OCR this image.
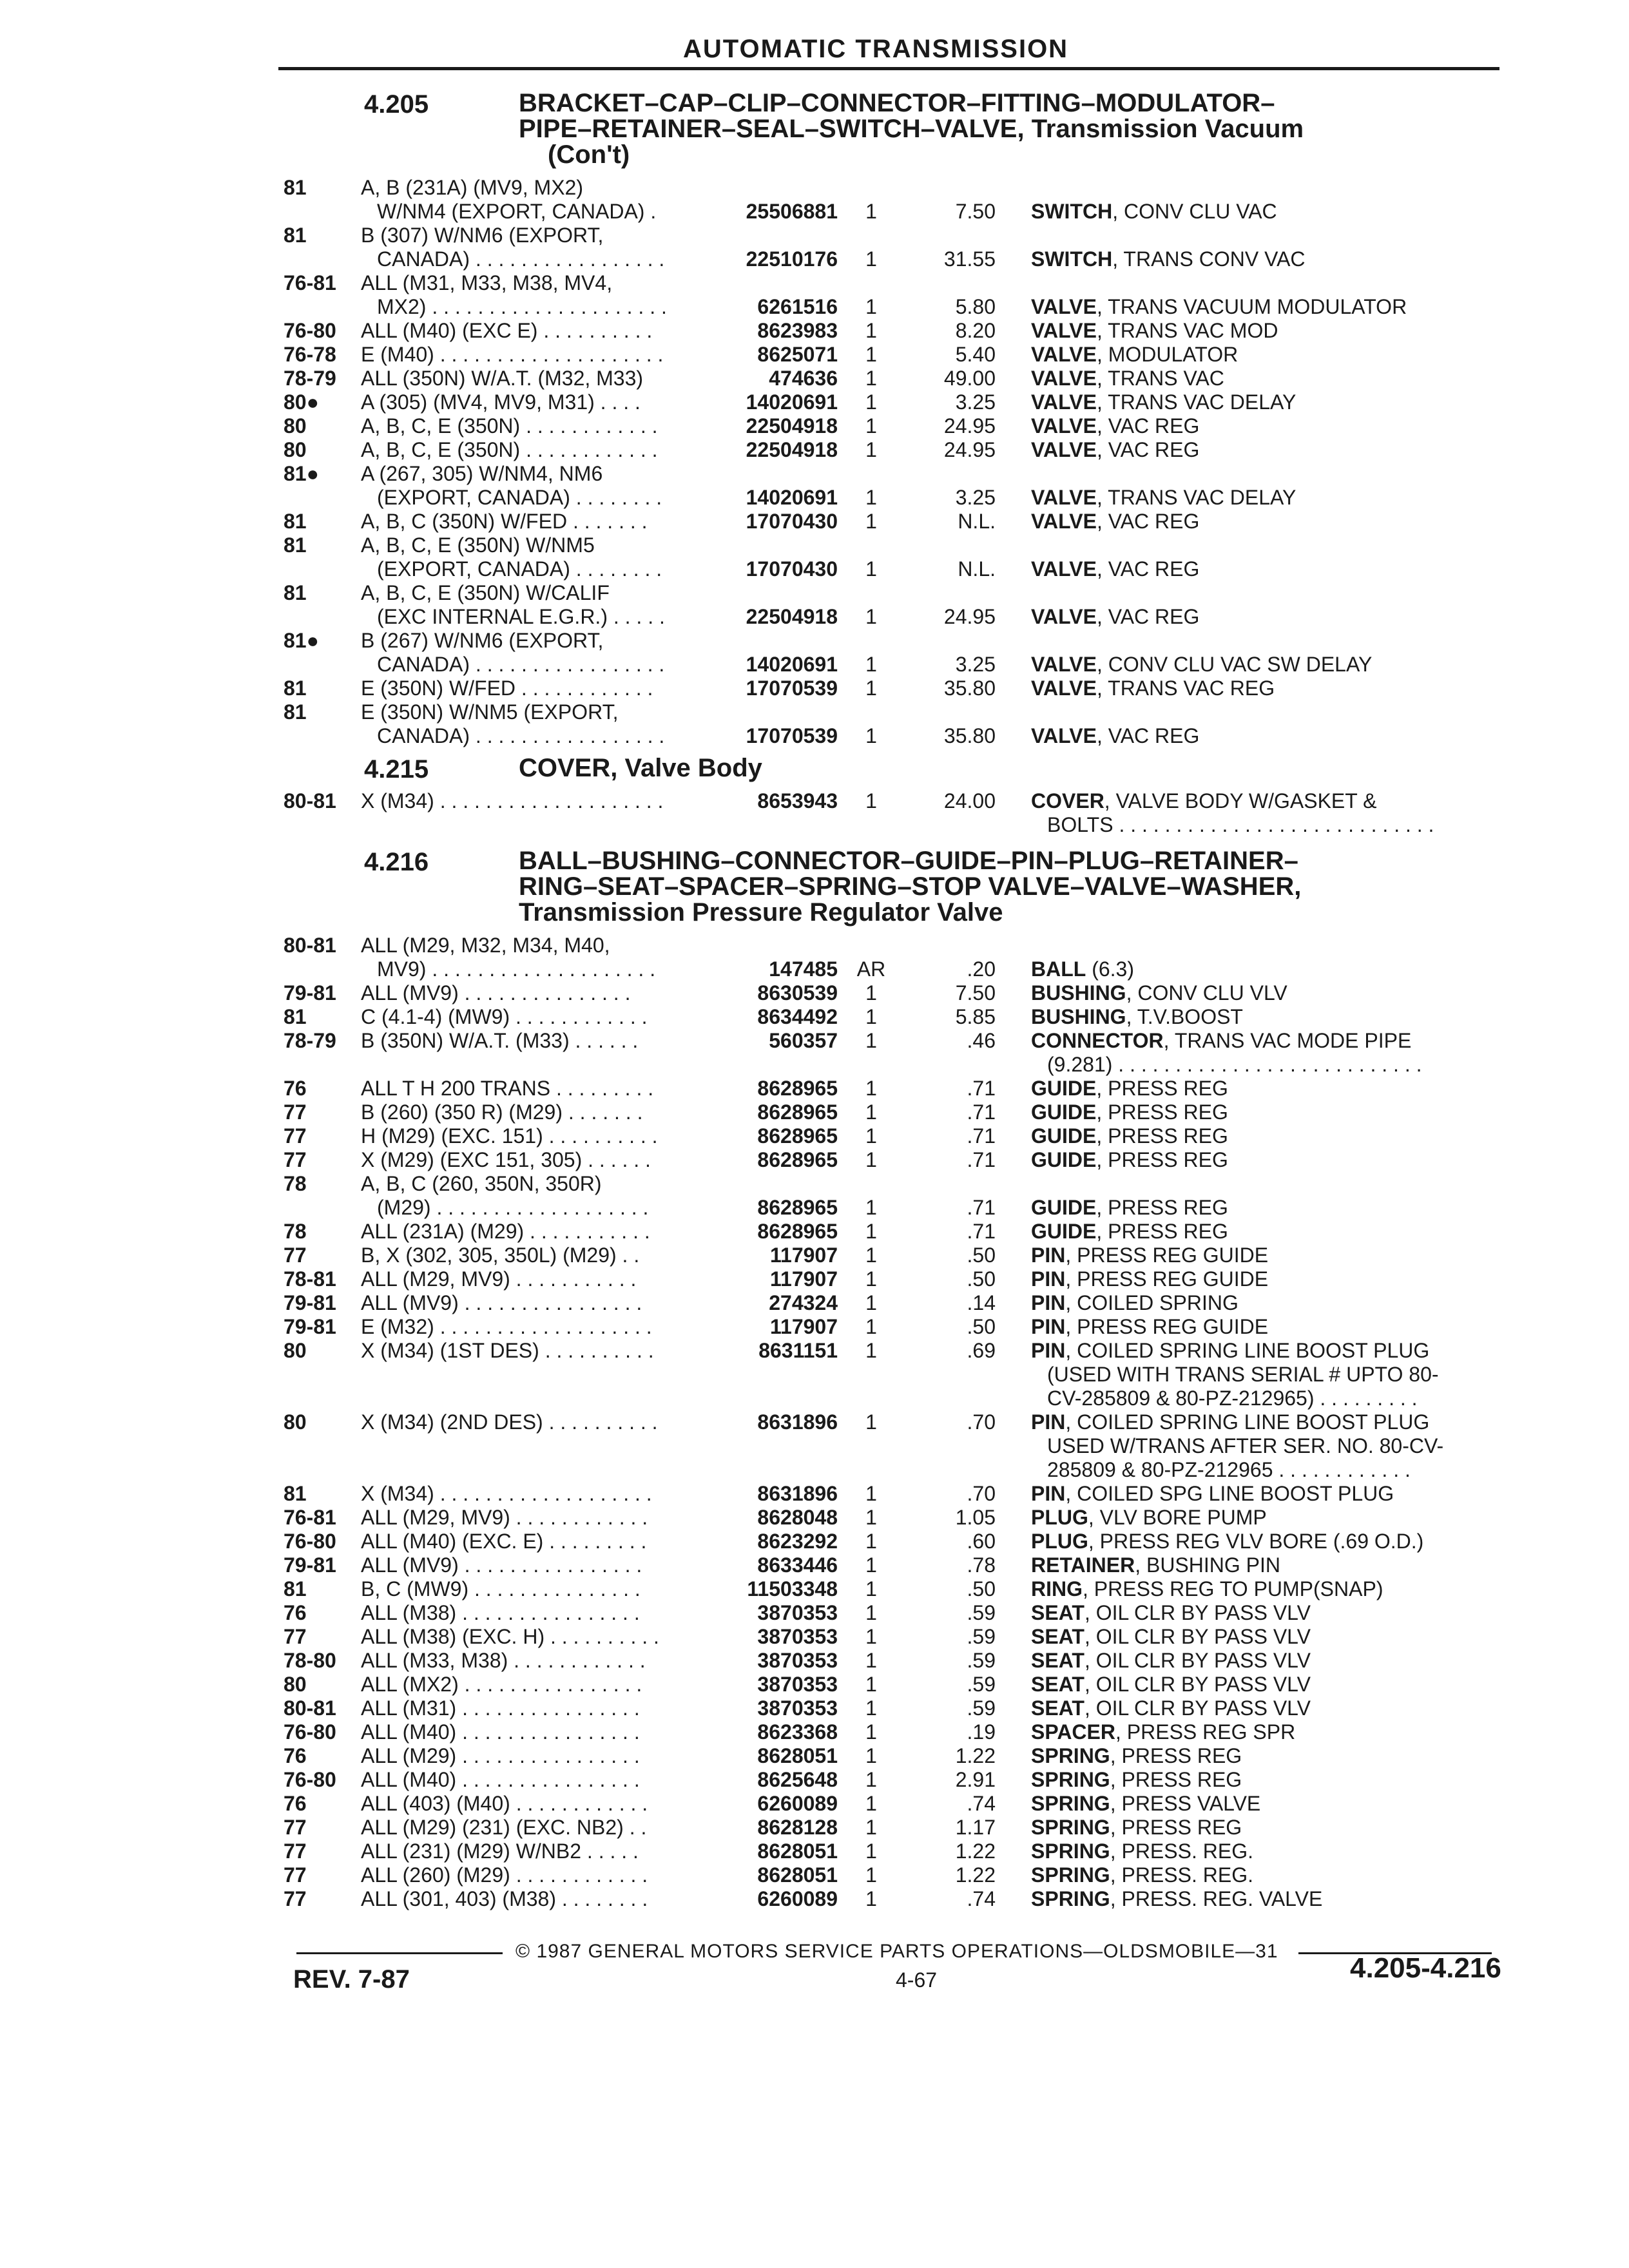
AUTOMATIC TRANSMISSION
4.205	BRACKET–CAP–CLIP–CONNECTOR–FITTING–MODULATOR–
PIPE–RETAINER–SEAL–SWITCH–VALVE, Transmission Vacuum
(Con't)
81	A, B (231A) (MV9, MX2)
W/NM4 (EXPORT, CANADA) .	25506881	1	7.50 SWITCH, CONV CLU VAC
81	B (307) W/NM6 (EXPORT,
CANADA) . . . . . . . . . . . . . . . . .	22510176	1	31.55 SWITCH, TRANS CONV VAC
76-81 ALL (M31, M33, M38, MV4,
MX2) . . . . . . . . . . . . . . . . . . . . .	6261516	1	5.80 VALVE, TRANS VACUUM MODULATOR
76-80 ALL (M40) (EXC E) . . . . . . . . . .	8623983	1	8.20 VALVE, TRANS VAC MOD
76-78 E (M40) . . . . . . . . . . . . . . . . . . . .	8625071	1	5.40 VALVE, MODULATOR
78-79 ALL (350N) W/A.T. (M32, M33)	474636	1	49.00 VALVE, TRANS VAC
80● A (305) (MV4, MV9, M31) . . . .	14020691	1	3.25 VALVE, TRANS VAC DELAY
80	A, B, C, E (350N) . . . . . . . . . . . .	22504918	1	24.95 VALVE, VAC REG
80	A, B, C, E (350N) . . . . . . . . . . . .	22504918	1	24.95 VALVE, VAC REG
81● A (267, 305) W/NM4, NM6
(EXPORT, CANADA) . . . . . . . .	14020691	1	3.25 VALVE, TRANS VAC DELAY
81	A, B, C (350N) W/FED . . . . . . .	17070430	1	N.L. VALVE, VAC REG
81	A, B, C, E (350N) W/NM5
(EXPORT, CANADA) . . . . . . . .	17070430	1	N.L. VALVE, VAC REG
81	A, B, C, E (350N) W/CALIF
(EXC INTERNAL E.G.R.) . . . . .	22504918	1	24.95 VALVE, VAC REG
81● B (267) W/NM6 (EXPORT,
CANADA) . . . . . . . . . . . . . . . . .	14020691	1	3.25 VALVE, CONV CLU VAC SW DELAY
81	E (350N) W/FED . . . . . . . . . . . .	17070539	1	35.80 VALVE, TRANS VAC REG
81	E (350N) W/NM5 (EXPORT,
CANADA) . . . . . . . . . . . . . . . . .	17070539	1	35.80 VALVE, VAC REG
4.215	COVER, Valve Body
80-81 X (M34) . . . . . . . . . . . . . . . . . . . .	8653943	1	24.00 COVER, VALVE BODY W/GASKET &
BOLTS . . . . . . . . . . . . . . . . . . . . . . . . . . . .
4.216	BALL–BUSHING–CONNECTOR–GUIDE–PIN–PLUG–RETAINER–
RING–SEAT–SPACER–SPRING–STOP VALVE–VALVE–WASHER,
Transmission Pressure Regulator Valve
80-81 ALL (M29, M32, M34, M40,
MV9) . . . . . . . . . . . . . . . . . . . .	147485 AR	.20 BALL (6.3)
79-81 ALL (MV9) . . . . . . . . . . . . . . .	8630539	1	7.50 BUSHING, CONV CLU VLV
81	C (4.1-4) (MW9) . . . . . . . . . . . .	8634492	1	5.85 BUSHING, T.V.BOOST
78-79 B (350N) W/A.T. (M33) . . . . . .	560357	1	.46 CONNECTOR, TRANS VAC MODE PIPE
(9.281) . . . . . . . . . . . . . . . . . . . . . . . . . . .
76	ALL T H 200 TRANS . . . . . . . . .	8628965	1	.71 GUIDE, PRESS REG
77	B (260) (350 R) (M29) . . . . . . .	8628965	1	.71 GUIDE, PRESS REG
77	H (M29) (EXC. 151) . . . . . . . . . .	8628965	1	.71 GUIDE, PRESS REG
77	X (M29) (EXC 151, 305) . . . . . .	8628965	1	.71 GUIDE, PRESS REG
78	A, B, C (260, 350N, 350R)
(M29) . . . . . . . . . . . . . . . . . . .	8628965	1	.71 GUIDE, PRESS REG
78	ALL (231A) (M29) . . . . . . . . . . .	8628965	1	.71 GUIDE, PRESS REG
77	B, X (302, 305, 350L) (M29) . .	117907	1	.50 PIN, PRESS REG GUIDE
78-81 ALL (M29, MV9) . . . . . . . . . . .	117907	1	.50 PIN, PRESS REG GUIDE
79-81 ALL (MV9) . . . . . . . . . . . . . . . .	274324	1	.14 PIN, COILED SPRING
79-81 E (M32) . . . . . . . . . . . . . . . . . . .	117907	1	.50 PIN, PRESS REG GUIDE
80	X (M34) (1ST DES) . . . . . . . . . .	8631151	1	.69 PIN, COILED SPRING LINE BOOST PLUG
(USED WITH TRANS SERIAL # UPTO 80-
CV-285809 & 80-PZ-212965) . . . . . . . . .
80	X (M34) (2ND DES) . . . . . . . . . .	8631896	1	.70 PIN, COILED SPRING LINE BOOST PLUG
USED W/TRANS AFTER SER. NO. 80-CV-
285809 & 80-PZ-212965 . . . . . . . . . . . .
81	X (M34) . . . . . . . . . . . . . . . . . . .	8631896	1	.70 PIN, COILED SPG LINE BOOST PLUG
76-81 ALL (M29, MV9) . . . . . . . . . . . .	8628048	1	1.05 PLUG, VLV BORE PUMP
76-80 ALL (M40) (EXC. E) . . . . . . . . .	8623292	1	.60 PLUG, PRESS REG VLV BORE (.69 O.D.)
79-81 ALL (MV9) . . . . . . . . . . . . . . . .	8633446	1	.78 RETAINER, BUSHING PIN
81	B, C (MW9) . . . . . . . . . . . . . . .	11503348	1	.50 RING, PRESS REG TO PUMP(SNAP)
76	ALL (M38) . . . . . . . . . . . . . . . .	3870353	1	.59 SEAT, OIL CLR BY PASS VLV
77	ALL (M38) (EXC. H) . . . . . . . . . .	3870353	1	.59 SEAT, OIL CLR BY PASS VLV
78-80 ALL (M33, M38) . . . . . . . . . . . .	3870353	1	.59 SEAT, OIL CLR BY PASS VLV
80	ALL (MX2) . . . . . . . . . . . . . . . .	3870353	1	.59 SEAT, OIL CLR BY PASS VLV
80-81 ALL (M31) . . . . . . . . . . . . . . . .	3870353	1	.59 SEAT, OIL CLR BY PASS VLV
76-80 ALL (M40) . . . . . . . . . . . . . . . .	8623368	1	.19 SPACER, PRESS REG SPR
76	ALL (M29) . . . . . . . . . . . . . . . .	8628051	1	1.22 SPRING, PRESS REG
76-80 ALL (M40) . . . . . . . . . . . . . . . .	8625648	1	2.91 SPRING, PRESS REG
76	ALL (403) (M40) . . . . . . . . . . . .	6260089	1	.74 SPRING, PRESS VALVE
77	ALL (M29) (231) (EXC. NB2) . .	8628128	1	1.17 SPRING, PRESS REG
77	ALL (231) (M29) W/NB2 . . . . .	8628051	1	1.22 SPRING, PRESS. REG.
77	ALL (260) (M29) . . . . . . . . . . . .	8628051	1	1.22 SPRING, PRESS. REG.
77	ALL (301, 403) (M38) . . . . . . . .	6260089	1	.74 SPRING, PRESS. REG. VALVE
© 1987 GENERAL MOTORS SERVICE PARTS OPERATIONS—OLDSMOBILE—31
REV. 7-87	4-67	4.205-4.216
